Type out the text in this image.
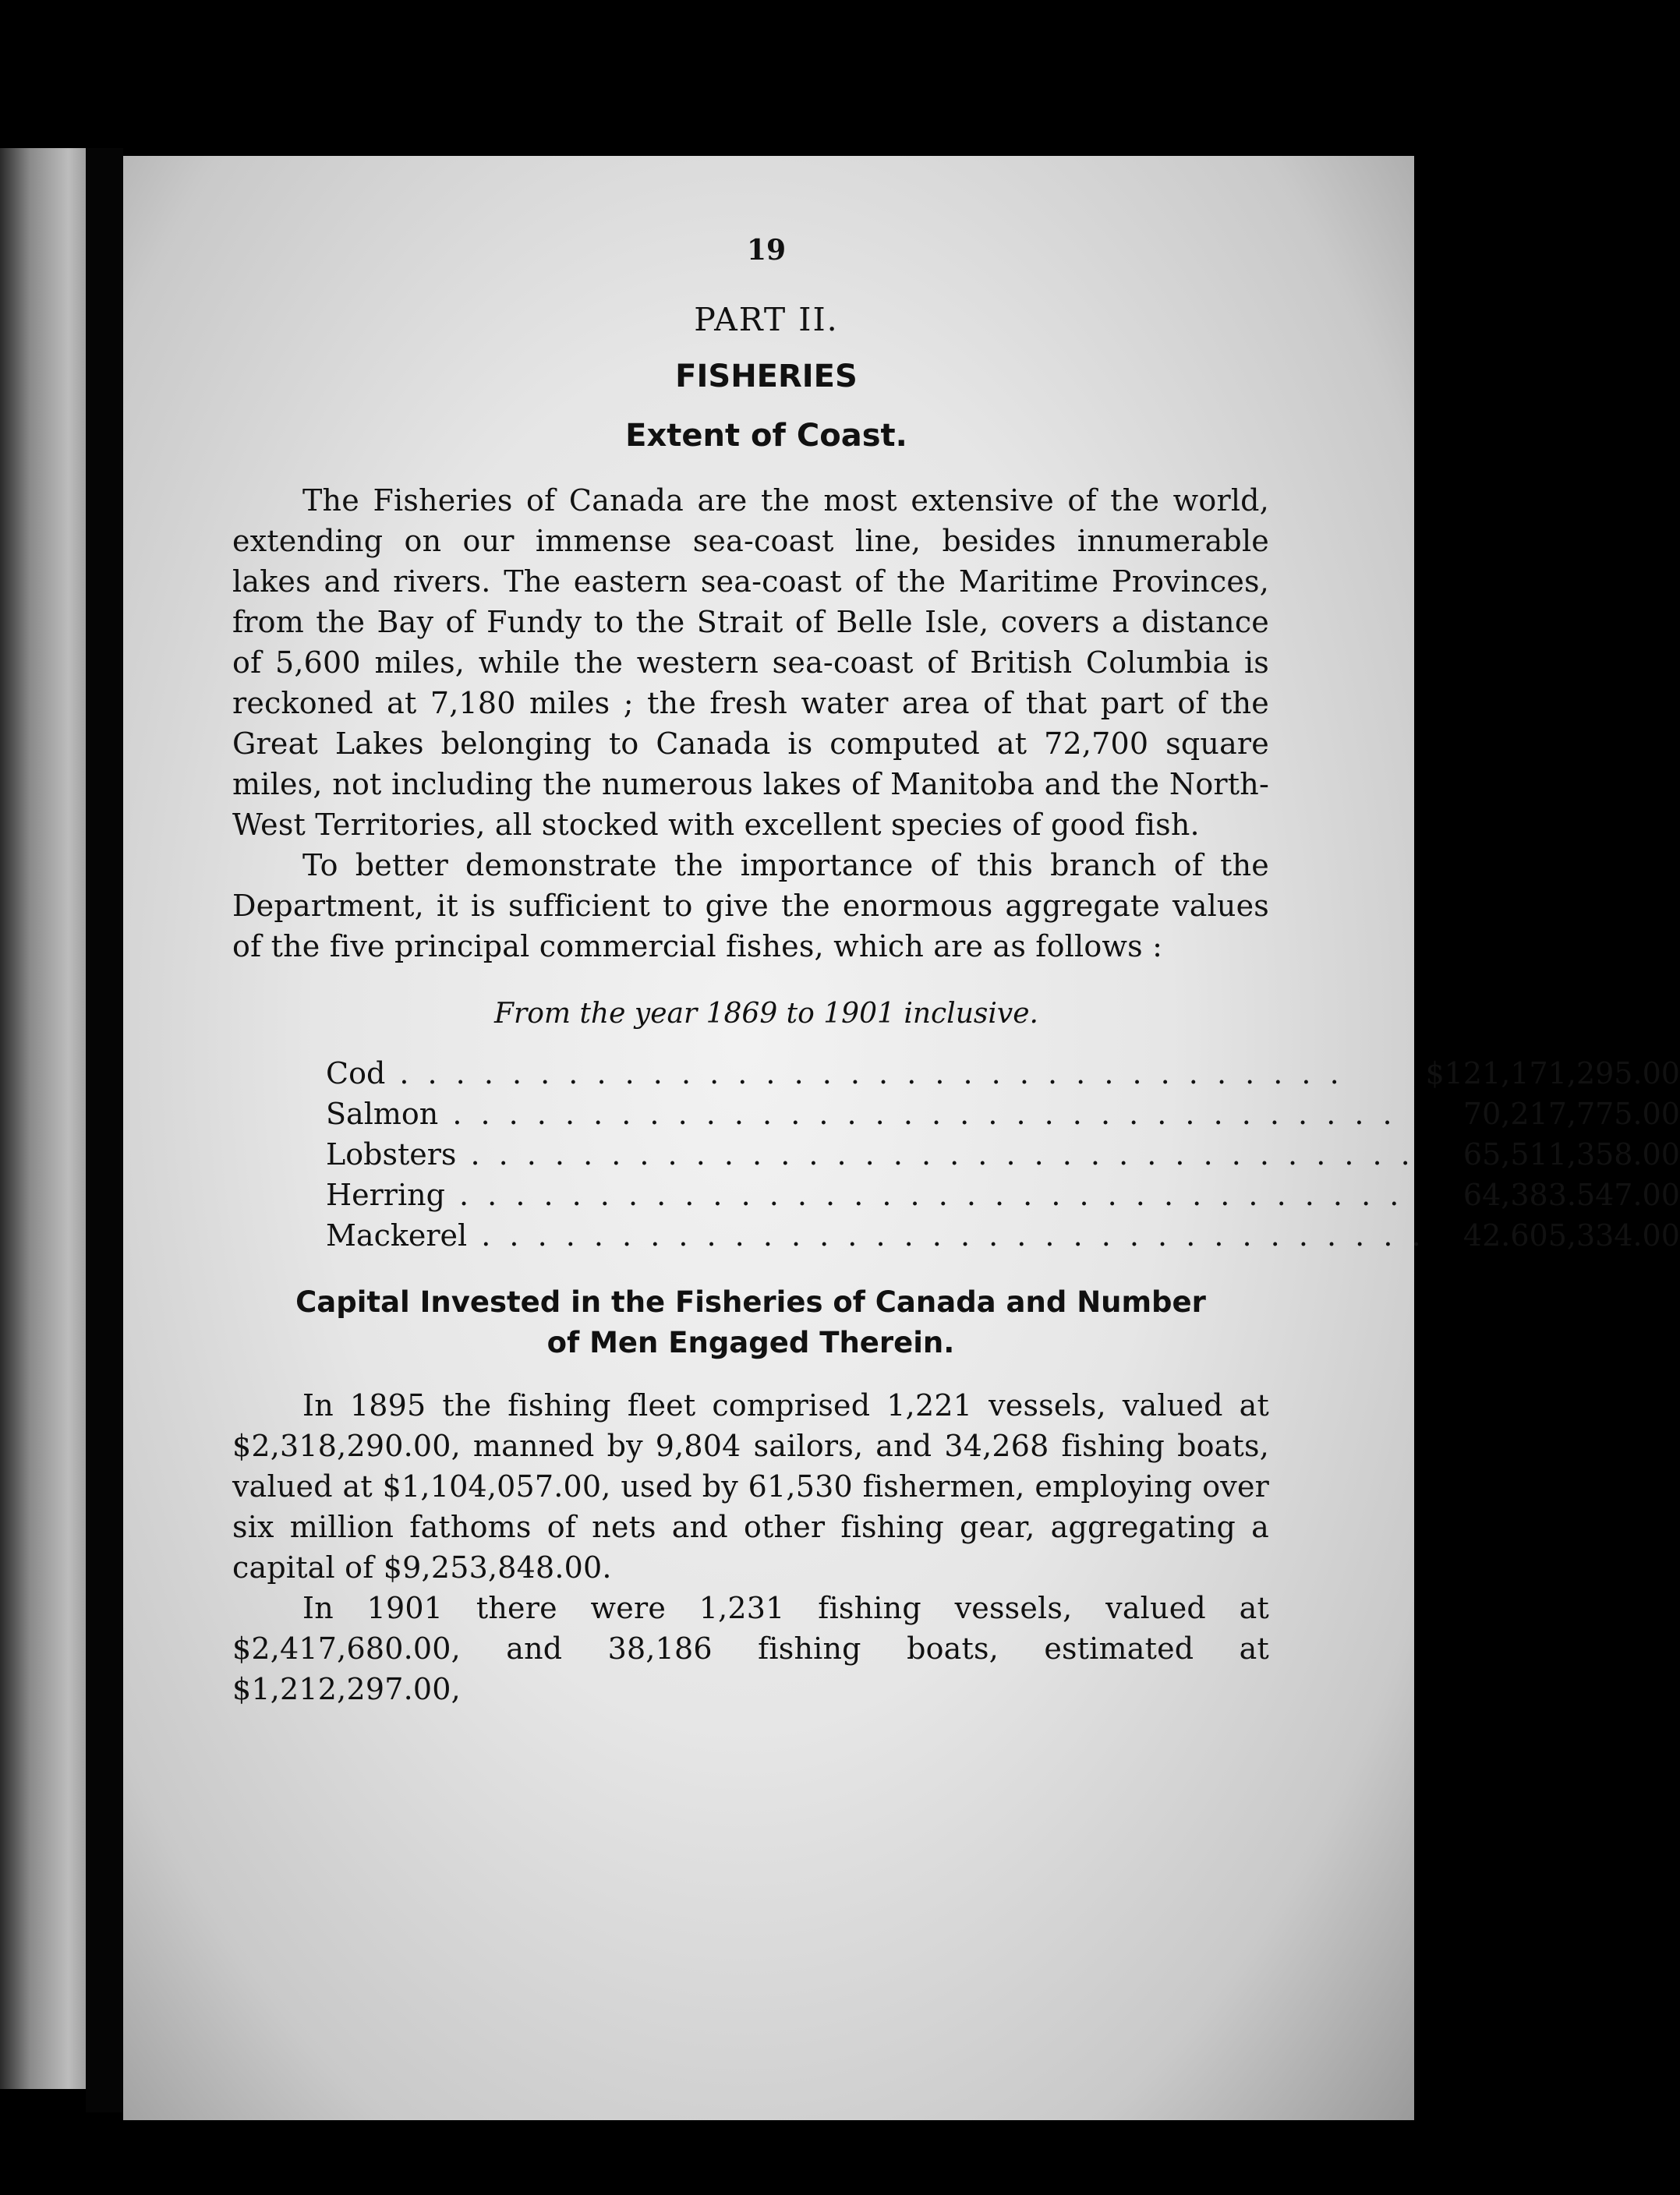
19
PART II.
FISHERIES
Extent of Coast.

The Fisheries of Canada are the most extensive of the world, extending on our immense sea-coast line, besides innumerable lakes and rivers. The eastern sea-coast of the Maritime Provinces, from the Bay of Fundy to the Strait of Belle Isle, covers a distance of 5,600 miles, while the western sea-coast of British Columbia is reckoned at 7,180 miles ; the fresh water area of that part of the Great Lakes belonging to Canada is computed at 72,700 square miles, not including the numerous lakes of Manitoba and the North-West Territories, all stocked with excellent species of good fish.

To better demonstrate the importance of this branch of the Department, it is sufficient to give the enormous aggregate values of the five principal commercial fishes, which are as follows :

From the year 1869 to 1901 inclusive.
Cod . . .	$121,171,295.00

Salmon . . .	70,217,775.00

Lobsters . . .	65,511,358.00

Herring . . .	64,383.547.00

Mackerel . . .	42.605,334.00
Capital Invested in the Fisheries of Canada and Number
of Men Engaged Therein.

In 1895 the fishing fleet comprised 1,221 vessels, valued at $2,318,290.00, manned by 9,804 sailors, and 34,268 fishing boats, valued at $1,104,057.00, used by 61,530 fishermen, employing over six million fathoms of nets and other fishing gear, aggregating a capital of $9,253,848.00.

In 1901 there were 1,231 fishing vessels, valued at $2,417,680.00, and 38,186 fishing boats, estimated at $1,212,297.00,
